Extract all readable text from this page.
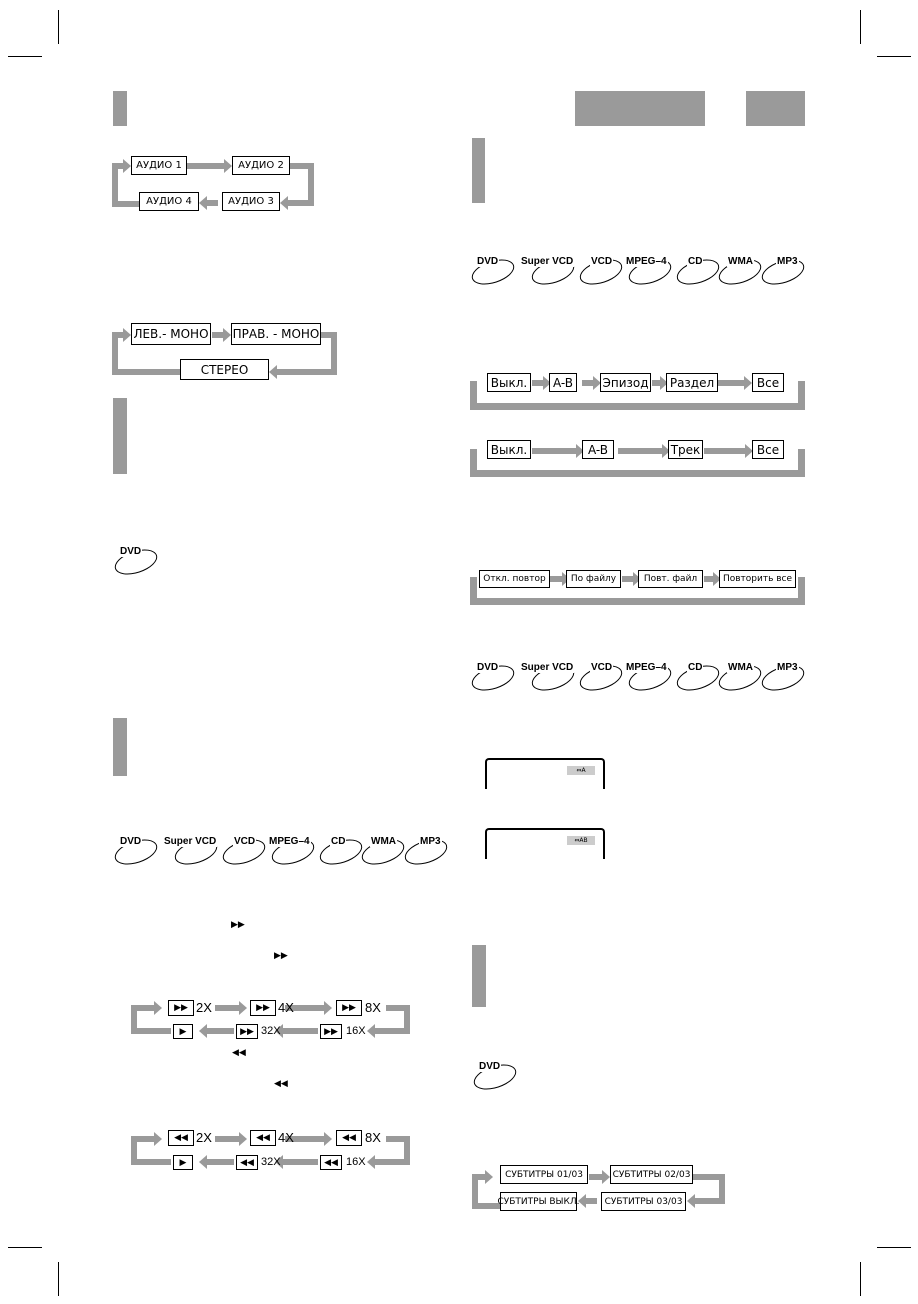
АУДИО 1	АУДИО 2
АУДИО 3
АУДИО 4
ЛЕВ.- МОНО ПРАВ. - МОНО
СТЕРЕО
DVD Super VCD VCD MPEG–4 CD	WMA MP3
DVD
Выкл. A-B Эпизод Раздел	Все
Выкл.	A-B	Трек	Все
Откл. повтор	По файлу	Повт. файл	Повторить все
DVD Super VCD VCD MPEG–4 CD	WMA MP3
⇔ A
⇔ AB
DVD Super VCD VCD MPEG–4 CD	WMA MP3
▶▶
▶▶
◀◀
◀◀
▶▶ 2X	▶▶ 4X	▶▶ 8X
▶	▶▶ 32X	▶▶ 16X
◀◀ 2X	◀◀ 4X	◀◀ 8X
▶	◀◀ 32X	◀◀ 16X
DVD
СУБТИТРЫ 01/03	СУБТИТРЫ 02/03
СУБТИТРЫ 03/03
СУБТИТРЫ ВЫКЛ.
